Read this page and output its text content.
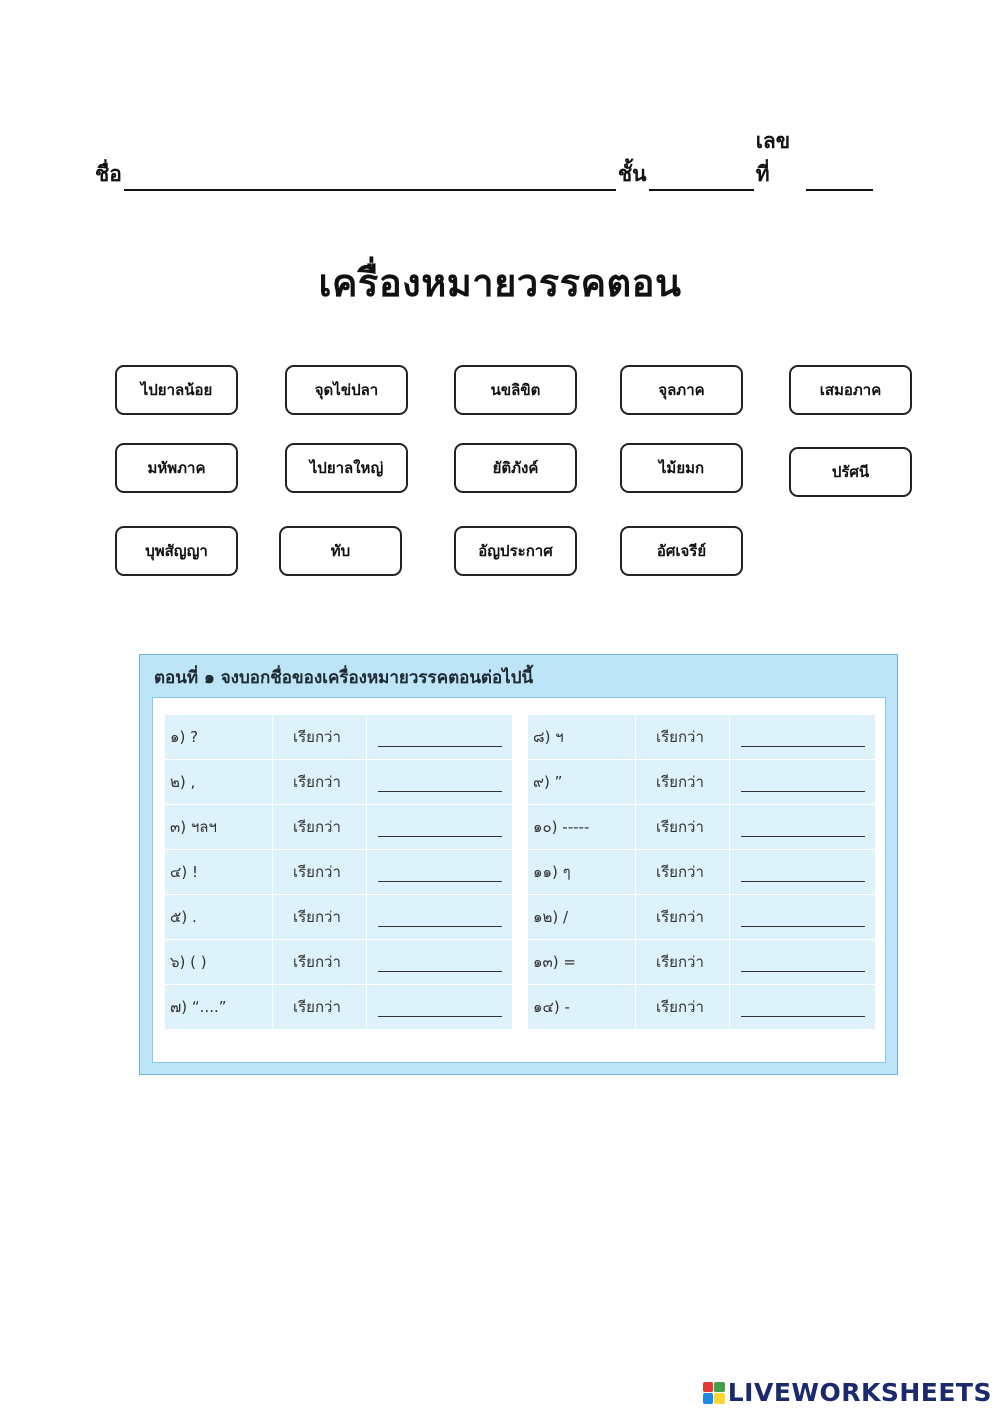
ชื่อ	ชั้น
เลขที่
เครื่องหมายวรรคตอน
ไปยาลน้อย	จุดไข่ปลา	นขลิขิต	จุลภาค	เสมอภาค
มหัพภาค	ไปยาลใหญ่	ยัติภังค์	ไม้ยมก	ปรัศนี
บุพสัญญา	ทับ	อัญประกาศ	อัศเจรีย์
ตอนที่ ๑ จงบอกชื่อของเครื่องหมายวรรคตอนต่อไปนี้
๑) ?	เรียกว่า
๒) ,	เรียกว่า
๓) ฯลฯ	เรียกว่า
๔) !	เรียกว่า
๕) .	เรียกว่า
๖) ( )	เรียกว่า
๗) “....”	เรียกว่า
๘) ฯ	เรียกว่า
๙) ”	เรียกว่า
๑๐) -----	เรียกว่า
๑๑) ๆ	เรียกว่า
๑๒) /	เรียกว่า
๑๓) =	เรียกว่า
๑๔) -	เรียกว่า
LIVEWORKSHEETS
